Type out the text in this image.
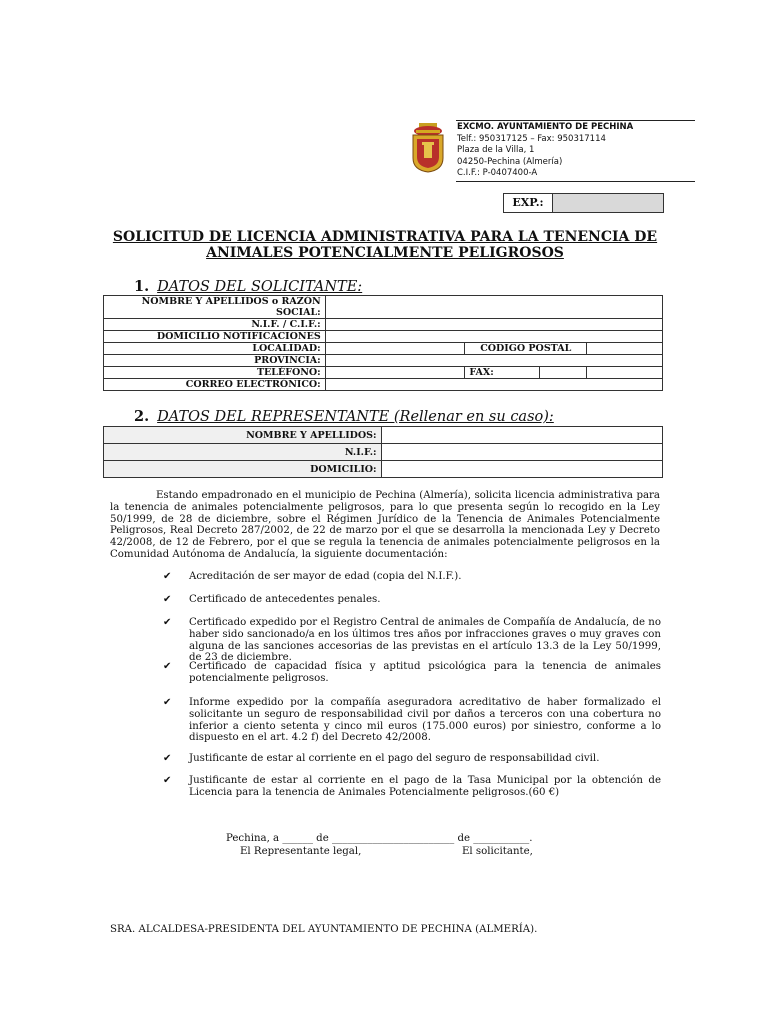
EXCMO. AYUNTAMIENTO DE PECHINA
Telf.: 950317125 – Fax: 950317114
Plaza de la Villa, 1
04250-Pechina (Almería)
C.I.F.: P-0407400-A
EXP.:
SOLICITUD DE LICENCIA ADMINISTRATIVA PARA LA TENENCIA DE
ANIMALES POTENCIALMENTE PELIGROSOS
1. DATOS DEL SOLICITANTE:
NOMBRE Y APELLIDOS o RAZÓN
SOCIAL:				

N.I.F. / C.I.F.:				
DOMICILIO NOTIFICACIONES				
LOCALIDAD:		CÓDIGO POSTAL		
PROVINCIA:				
TELÉFONO:		FAX:		
CORREO ELECTRÓNICO:				
2. DATOS DEL REPRESENTANTE (Rellenar en su caso):
NOMBRE Y APELLIDOS:	
N.I.F.:	
DOMICILIO:	
Estando empadronado en el municipio de Pechina (Almería), solicita licencia administrativa para la tenencia de animales potencialmente peligrosos, para lo que presenta según lo recogido en la Ley 50/1999, de 28 de diciembre, sobre el Régimen Jurídico de la Tenencia de Animales Potencialmente Peligrosos, Real Decreto 287/2002, de 22 de marzo por el que se desarrolla la mencionada Ley y Decreto 42/2008, de 12 de Febrero, por el que se regula la tenencia de animales potencialmente peligrosos en la Comunidad Autónoma de Andalucía, la siguiente documentación:
✔	Acreditación de ser mayor de edad (copia del N.I.F.).
✔	Certificado de antecedentes penales.
✔	Certificado expedido por el Registro Central de animales de Compañía de Andalucía, de no haber sido sancionado/a en los últimos tres años por infracciones graves o muy graves con alguna de las sanciones accesorias de las previstas en el artículo 13.3 de la Ley 50/1999, de 23 de diciembre.
✔	Certificado de capacidad física y aptitud psicológica para la tenencia de animales potencialmente peligrosos.
✔	Informe expedido por la compañía aseguradora acreditativo de haber formalizado el solicitante un seguro de responsabilidad civil por daños a terceros con una cobertura no inferior a ciento setenta y cinco mil euros (175.000 euros) por siniestro, conforme a lo dispuesto en el art. 4.2 f) del Decreto 42/2008.
✔	Justificante de estar al corriente en el pago del seguro de responsabilidad civil.
✔	Justificante de estar al corriente en el pago de la Tasa Municipal por la obtención de Licencia para la tenencia de Animales Potencialmente peligrosos.(60 €)
Pechina, a ______ de ________________________ de ___________.
El Representante legal,	El solicitante,
SRA. ALCALDESA-PRESIDENTA DEL AYUNTAMIENTO DE PECHINA (ALMERÍA).
